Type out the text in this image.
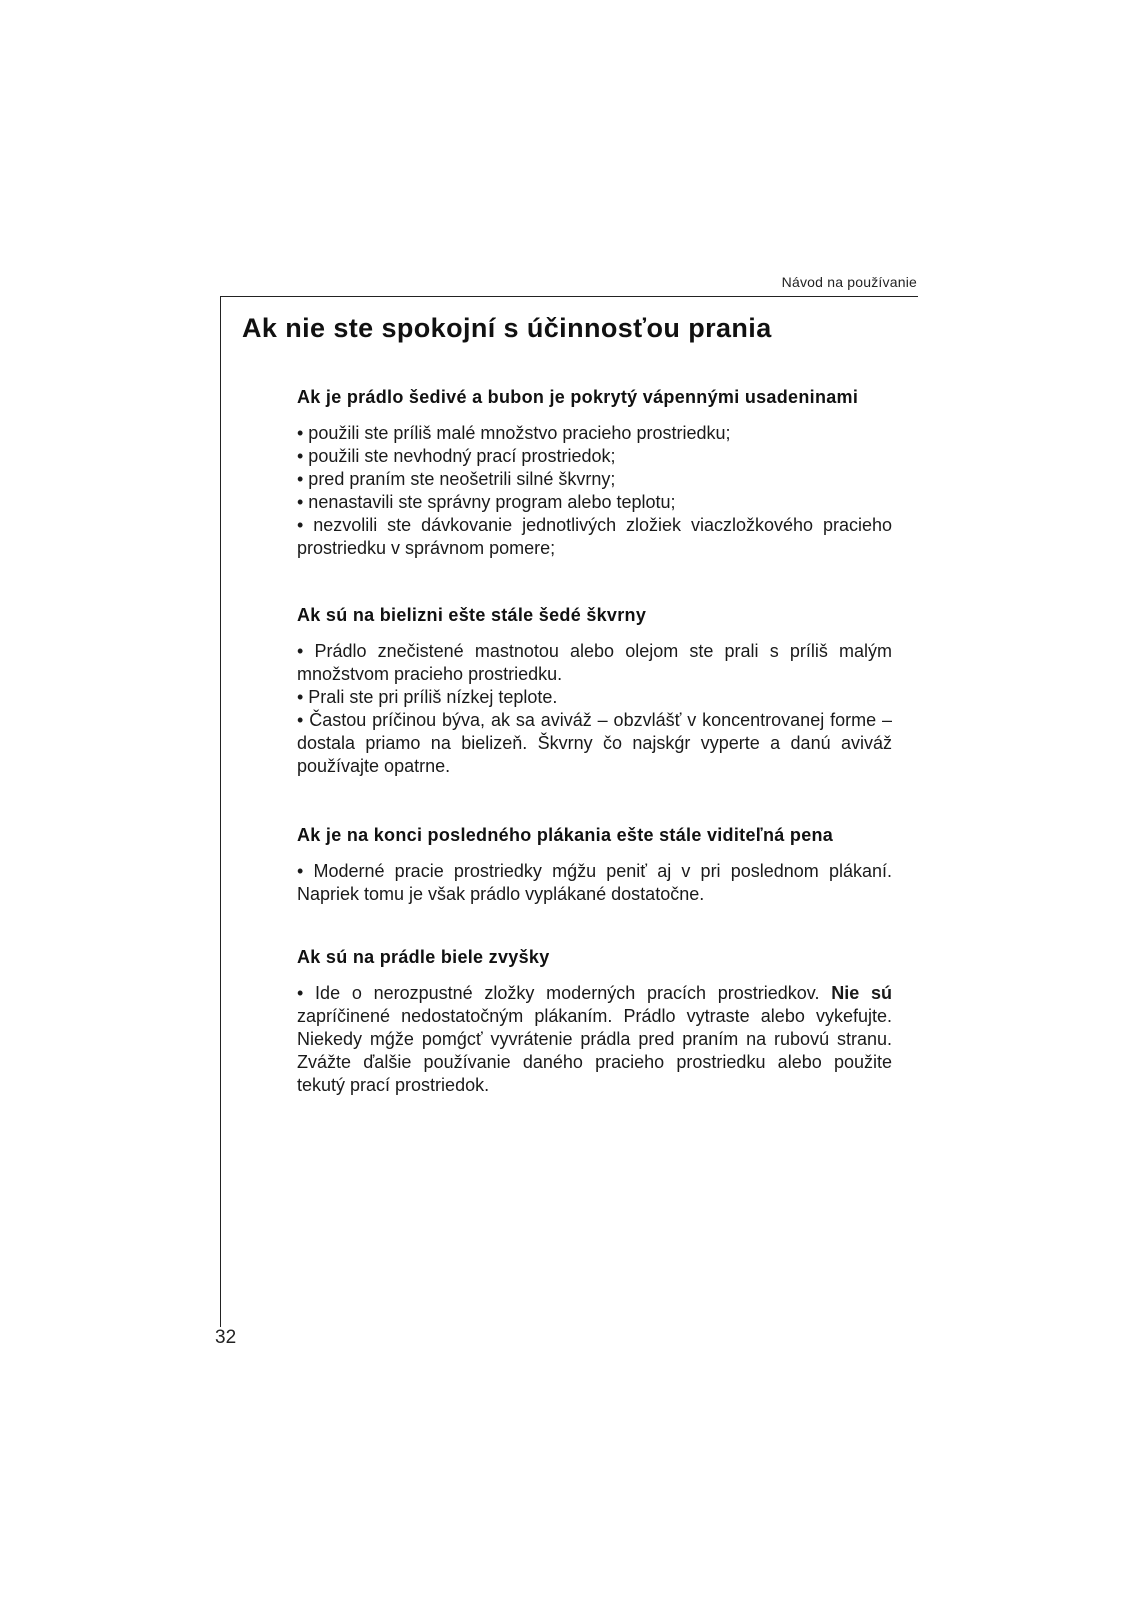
Návod na používanie
Ak nie ste spokojní s účinnosťou prania
Ak je prádlo šedivé a bubon je pokrytý vápennými usadeninami
• použili ste príliš malé množstvo pracieho prostriedku;
• použili ste nevhodný prací prostriedok;
• pred praním ste neošetrili silné škvrny;
• nenastavili ste správny program alebo teplotu;
• nezvolili ste dávkovanie jednotlivých zložiek viaczložkového pracieho prostriedku v správnom pomere;
Ak sú na bielizni ešte stále šedé škvrny
• Prádlo znečistené mastnotou alebo olejom ste prali s príliš malým množstvom pracieho prostriedku.
• Prali ste pri príliš nízkej teplote.
• Častou príčinou býva, ak sa aviváž – obzvlášť v koncentrovanej forme – dostala priamo na bielizeň. Škvrny čo najskǵr vyperte a danú aviváž používajte opatrne.
Ak je na konci posledného plákania ešte stále viditeľná pena
• Moderné pracie prostriedky mǵžu peniť aj v pri poslednom plákaní. Napriek tomu je však prádlo vyplákané dostatočne.
Ak sú na prádle biele zvyšky
• Ide o nerozpustné zložky moderných pracích prostriedkov. Nie sú zapríčinené nedostatočným plákaním. Prádlo vytraste alebo vykefujte. Niekedy mǵže pomǵcť vyvrátenie prádla pred praním na rubovú stranu. Zvážte ďalšie používanie daného pracieho prostriedku alebo použite tekutý prací prostriedok.
32
